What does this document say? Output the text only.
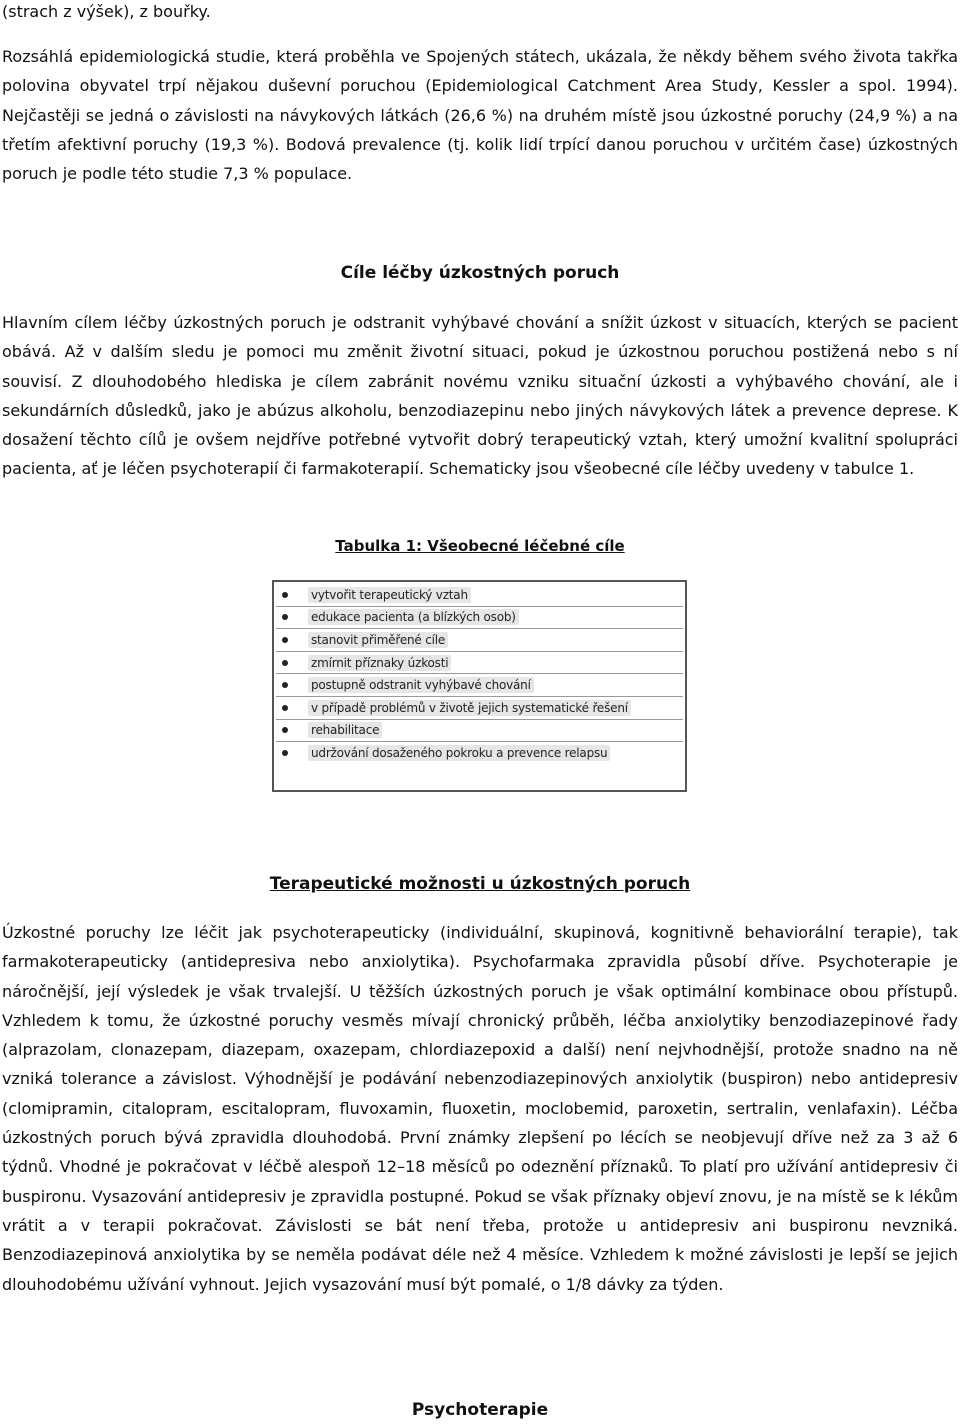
(strach z výšek), z bouřky.

Rozsáhlá epidemiologická studie, která proběhla ve Spojených státech, ukázala, že někdy během svého života takřka polovina obyvatel trpí nějakou duševní poruchou (Epidemiological Catchment Area Study, Kessler a spol. 1994). Nejčastěji se jedná o závislosti na návykových látkách (26,6 %) na druhém místě jsou úzkostné poruchy (24,9 %) a na třetím afektivní poruchy (19,3 %). Bodová prevalence (tj. kolik lidí trpící danou poruchou v určitém čase) úzkostných poruch je podle této studie 7,3 % populace.

Cíle léčby úzkostných poruch

Hlavním cílem léčby úzkostných poruch je odstranit vyhýbavé chování a snížit úzkost v situacích, kterých se pacient obává. Až v dalším sledu je pomoci mu změnit životní situaci, pokud je úzkostnou poruchou postižená nebo s ní souvisí. Z dlouhodobého hlediska je cílem zabránit novému vzniku situační úzkosti a vyhýbavého chování, ale i sekundárních důsledků, jako je abúzus alkoholu, benzodiazepinu nebo jiných návykových látek a prevence deprese. K dosažení těchto cílů je ovšem nejdříve potřebné vytvořit dobrý terapeutický vztah, který umožní kvalitní spolupráci pacienta, ať je léčen psychoterapií či farmakoterapií. Schematicky jsou všeobecné cíle léčby uvedeny v tabulce 1.

Tabulka 1: Všeobecné léčebné cíle
vytvořit terapeutický vztah
edukace pacienta (a blízkých osob)
stanovit přiměřené cíle
zmírnit příznaky úzkosti
postupně odstranit vyhýbavé chování
v případě problémů v životě jejich systematické řešení
rehabilitace
udržování dosaženého pokroku a prevence relapsu
Terapeutické možnosti u úzkostných poruch

Úzkostné poruchy lze léčit jak psychoterapeuticky (individuální, skupinová, kognitivně behaviorální terapie), tak farmakoterapeuticky (antidepresiva nebo anxiolytika). Psychofarmaka zpravidla působí dříve. Psychoterapie je náročnější, její výsledek je však trvalejší. U těžších úzkostných poruch je však optimální kombinace obou přístupů. Vzhledem k tomu, že úzkostné poruchy vesměs mívají chronický průběh, léčba anxiolytiky benzodiazepinové řady (alprazolam, clonazepam, diazepam, oxazepam, chlordiazepoxid a další) není nejvhodnější, protože snadno na ně vzniká tolerance a závislost. Výhodnější je podávání nebenzodiazepinových anxiolytik (buspiron) nebo antidepresiv (clomipramin, citalopram, escitalopram, fluvoxamin, fluoxetin, moclobemid, paroxetin, sertralin, venlafaxin). Léčba úzkostných poruch bývá zpravidla dlouhodobá. První známky zlepšení po lécích se neobjevují dříve než za 3 až 6 týdnů. Vhodné je pokračovat v léčbě alespoň 12–18 měsíců po odeznění příznaků. To platí pro užívání antidepresiv či buspironu. Vysazování antidepresiv je zpravidla postupné. Pokud se však příznaky objeví znovu, je na místě se k lékům vrátit a v terapii pokračovat. Závislosti se bát není třeba, protože u antidepresiv ani buspironu nevzniká. Benzodiazepinová anxiolytika by se neměla podávat déle než 4 měsíce. Vzhledem k možné závislosti je lepší se jejich dlouhodobému užívání vyhnout. Jejich vysazování musí být pomalé, o 1/8 dávky za týden.

Psychoterapie
